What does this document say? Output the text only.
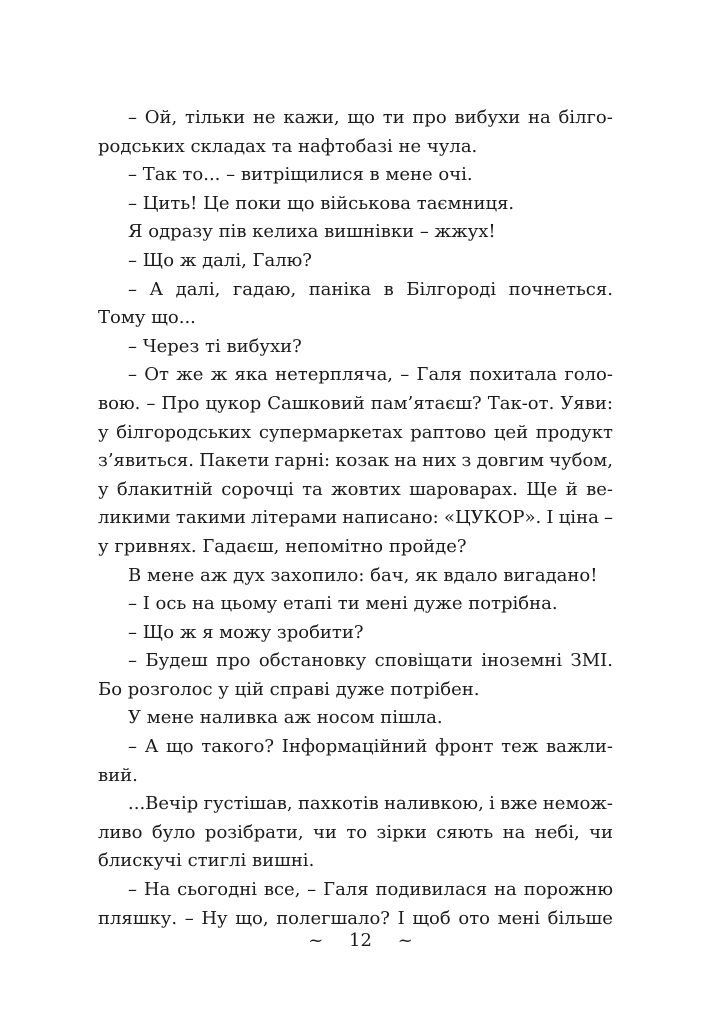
– Ой, тільки не кажи, що ти про вибухи на білго-
родських складах та нафтобазі не чула.
– Так то... – витріщилися в мене очі.
– Цить! Це поки що військова таємниця.
Я одразу пів келиха вишнівки – жжух!
– Що ж далі, Галю?
– А далі, гадаю, паніка в Білгороді почнеться.
Тому що...
– Через ті вибухи?
– От же ж яка нетерпляча, – Галя похитала голо-
вою. – Про цукор Сашковий пам’ятаєш? Так-от. Уяви:
у білгородських супермаркетах раптово цей продукт
з’явиться. Пакети гарні: козак на них з довгим чубом,
у блакитній сорочці та жовтих шароварах. Ще й ве-
ликими такими літерами написано: «ЦУКОР». І ціна –
у гривнях. Гадаєш, непомітно пройде?
В мене аж дух захопило: бач, як вдало вигадано!
– І ось на цьому етапі ти мені дуже потрібна.
– Що ж я можу зробити?
– Будеш про обстановку сповіщати іноземні ЗМІ.
Бо розголос у цій справі дуже потрібен.
У мене наливка аж носом пішла.
– А що такого? Інформаційний фронт теж важли-
вий.
...Вечір густішав, пахкотів наливкою, і вже немож-
ливо було розібрати, чи то зірки сяють на небі, чи
блискучі стиглі вишні.
– На сьогодні все, – Галя подивилася на порожню
пляшку. – Ну що, полегшало? І щоб ото мені більше
~ 12 ~
